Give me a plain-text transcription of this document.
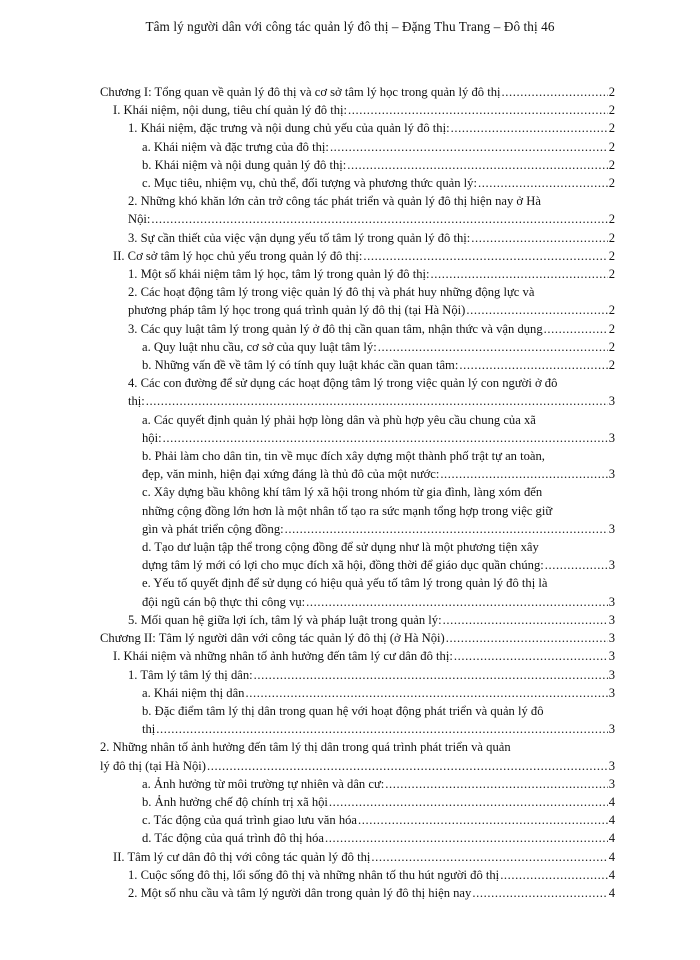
Tâm lý người dân với công tác quản lý đô thị – Đặng Thu Trang – Đô thị 46
Chương I: Tổng quan về quản lý đô thị và cơ sở tâm lý học trong quản lý đô thị .....	2
I. Khái niệm, nội dung, tiêu chí quản lý đô thị: .....	2
1. Khái niệm, đặc trưng và nội dung chủ yếu của quản lý đô thị: .....	2
a. Khái niệm và đặc trưng của đô thị: .....	2
b. Khái niệm và nội dung quản lý đô thị: .....	2
c. Mục tiêu, nhiệm vụ, chủ thể, đối tượng và phương thức quản lý: .....	2
2. Những khó khăn lớn cản trở công tác phát triển và quản lý đô thị hiện nay ở Hà
Nội: .....	2
3. Sự cần thiết của việc vận dụng yếu tố tâm lý trong quản lý đô thị: .....	2
II. Cơ sở tâm lý học chủ yếu trong quản lý đô thị: .....	2
1. Một số khái niệm tâm lý học, tâm lý trong quản lý đô thị: .....	2
2. Các hoạt động tâm lý trong việc quản lý đô thị và phát huy những động lực và
phương pháp tâm lý học trong quá trình quản lý đô thị (tại Hà Nội) .....	2
3. Các quy luật tâm lý trong quản lý ở đô thị cần quan tâm, nhận thức và vận dụng .....	2
a. Quy luật nhu cầu, cơ sở của quy luật tâm lý: .....	2
b. Những vấn đề về tâm lý có tính quy luật khác cần quan tâm: .....	2
4. Các con đường để sử dụng các hoạt động tâm lý trong việc quản lý con người ở đô
thị: .....	3
a. Các quyết định quản lý phải hợp lòng dân và phù hợp yêu cầu chung của xã
hội: .....	3
b. Phải làm cho dân tin, tin về mục đích xây dựng một thành phố trật tự an toàn,
đẹp, văn minh, hiện đại xứng đáng là thủ đô của một nước: .....	3
c. Xây dựng bầu không khí tâm lý xã hội trong nhóm từ gia đình, làng xóm đến
những cộng đồng lớn hơn là một nhân tố tạo ra sức mạnh tổng hợp trong việc giữ
gìn và phát triển cộng đồng: .....	3
d. Tạo dư luận tập thể trong cộng đồng để sử dụng như là một phương tiện xây
dựng tâm lý mới có lợi cho mục đích xã hội, đồng thời để giáo dục quần chúng: .....	3
e. Yếu tố quyết định để sử dụng có hiệu quả yếu tố tâm lý trong quản lý đô thị là
đội ngũ cán bộ thực thi công vụ: .....	3
5. Mối quan hệ giữa lợi ích, tâm lý và pháp luật trong quản lý: .....	3
Chương II: Tâm lý người dân với công tác quản lý đô thị (ở Hà Nội) .....	3
I. Khái niệm và những nhân tố ảnh hưởng đến tâm lý cư dân đô thị: .....	3
1. Tâm lý tâm lý thị dân: .....	3
a. Khái niệm thị dân .....	3
b. Đặc điểm tâm lý thị dân trong quan hệ với hoạt động phát triển và quản lý đô
thị .....	3
2. Những nhân tố ảnh hưởng đến tâm lý thị dân trong quá trình phát triển và quản
lý đô thị (tại Hà Nội) .....	3
a. Ảnh hưởng từ môi trường tự nhiên và dân cư: .....	3
b. Ảnh hưởng chế độ chính trị xã hội .....	4
c. Tác động của quá trình giao lưu văn hóa .....	4
d. Tác động của quá trình đô thị hóa .....	4
II. Tâm lý cư dân đô thị với công tác quản lý đô thị .....	4
1. Cuộc sống đô thị, lối sống đô thị và những nhân tố thu hút người đô thị .....	4
2. Một số nhu cầu và tâm lý người dân trong quản lý đô thị hiện nay .....	4
